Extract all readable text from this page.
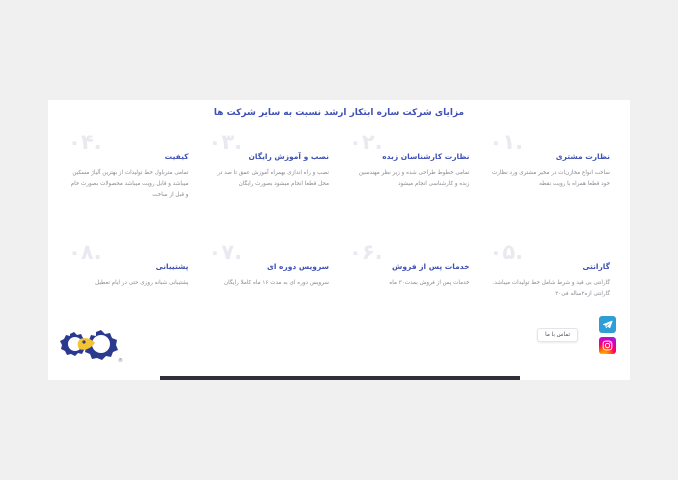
مزایای شرکت ساره ابتکار ارشد نسبت به سایر شرکت ها
۰۱.
نظارت مشتری
ساخت انواع مخازن‌ات در مخیر مشتری ورد نظارت خود قطعا همراه با رویت نقطه
۰۲.
نظارت کارشناسان زبده
تمامی خطوط طراحی شده و زیر نظر مهندسین زبده و کارشناسی انجام میشود
۰۳.
نصب و آموزش رایگان
نصب و راه اندازی بهمراه آموزش عمق تا صد در محل قطعا انجام میشود بصورت رایگان
۰۴.
کیفیت
تمامی مترباول خط تولیدات از بهترین آلیاژ مسکین میباشد و قابل رویت میباشد محصولات بصورت خام و قبل از ساخت
۰۵.
گارانتی
گارانتی بی قید و شرط شامل خط تولیدات میباشد. گارانتی ازه۲ساله فی۲۰
۰۶.
خدمات پس از فروش
خدمات پس از فروش بمدت۳۰ ماه
۰۷.
سرویس دوره ای
سرویس دوره ای به مدت ۱۶ ماه کاملا رایگان
۰۸.
پشتیبانی
پشتیبانی شبانه روزی حتی در ایام تعطیل
®
تماس با ما
